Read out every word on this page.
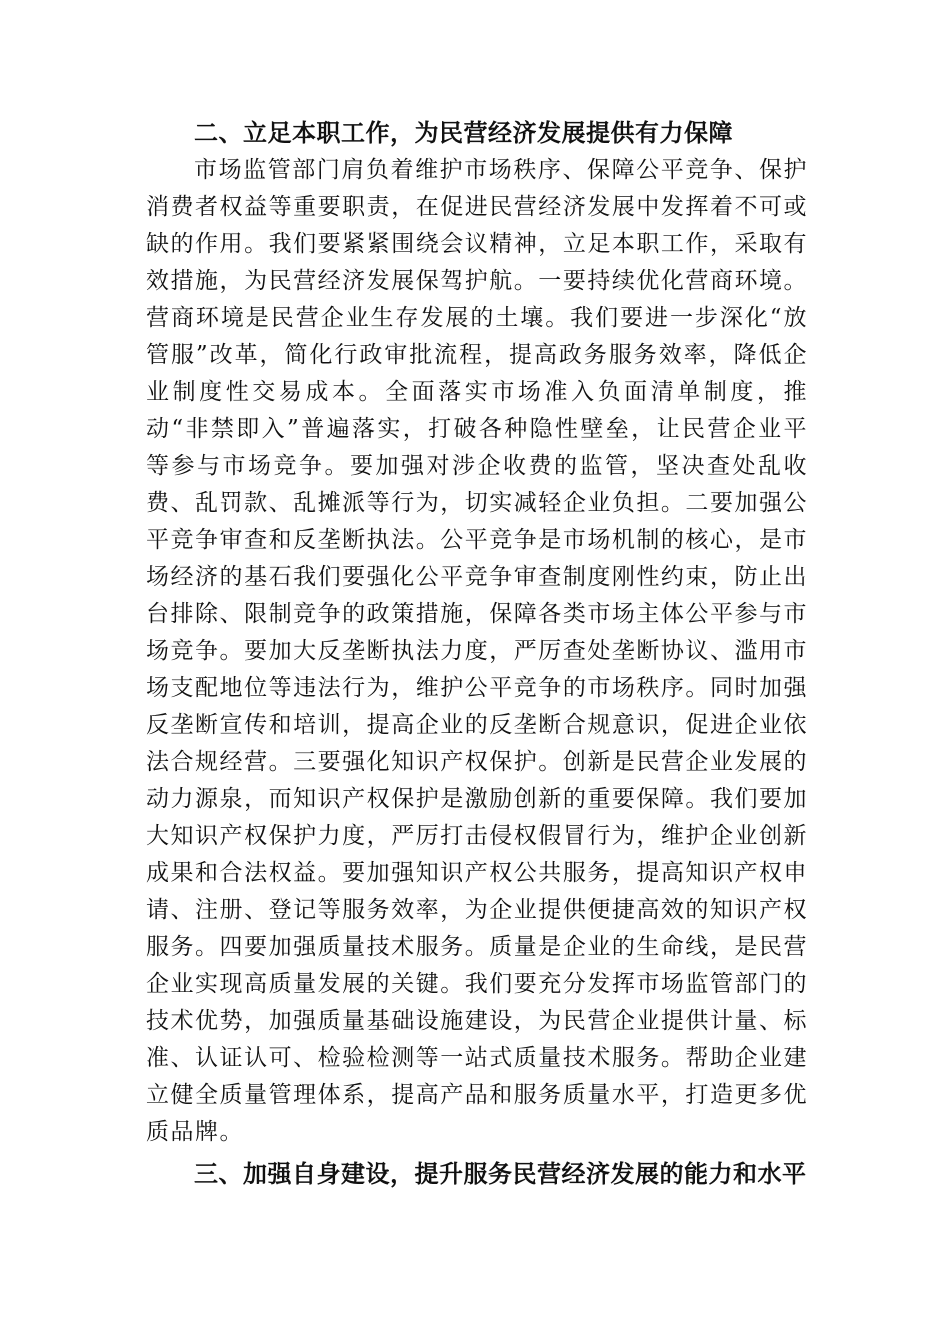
二、立足本职工作，为民营经济发展提供有力保障

市场监管部门肩负着维护市场秩序、保障公平竞争、保护消费者权益等重要职责，在促进民营经济发展中发挥着不可或缺的作用。我们要紧紧围绕会议精神，立足本职工作，采取有效措施，为民营经济发展保驾护航。一要持续优化营商环境。营商环境是民营企业生存发展的土壤。我们要进一步深化“放管服”改革，简化行政审批流程，提高政务服务效率，降低企业制度性交易成本。全面落实市场准入负面清单制度，推动“非禁即入”普遍落实，打破各种隐性壁垒，让民营企业平等参与市场竞争。要加强对涉企收费的监管，坚决查处乱收费、乱罚款、乱摊派等行为，切实减轻企业负担。二要加强公平竞争审查和反垄断执法。公平竞争是市场机制的核心，是市场经济的基石我们要强化公平竞争审查制度刚性约束，防止出台排除、限制竞争的政策措施，保障各类市场主体公平参与市场竞争。要加大反垄断执法力度，严厉查处垄断协议、滥用市场支配地位等违法行为，维护公平竞争的市场秩序。同时加强反垄断宣传和培训，提高企业的反垄断合规意识，促进企业依法合规经营。三要强化知识产权保护。创新是民营企业发展的动力源泉，而知识产权保护是激励创新的重要保障。我们要加大知识产权保护力度，严厉打击侵权假冒行为，维护企业创新成果和合法权益。要加强知识产权公共服务，提高知识产权申请、注册、登记等服务效率，为企业提供便捷高效的知识产权服务。四要加强质量技术服务。质量是企业的生命线，是民营企业实现高质量发展的关键。我们要充分发挥市场监管部门的技术优势，加强质量基础设施建设，为民营企业提供计量、标准、认证认可、检验检测等一站式质量技术服务。帮助企业建立健全质量管理体系，提高产品和服务质量水平，打造更多优质品牌。

三、加强自身建设，提升服务民营经济发展的能力和水平
